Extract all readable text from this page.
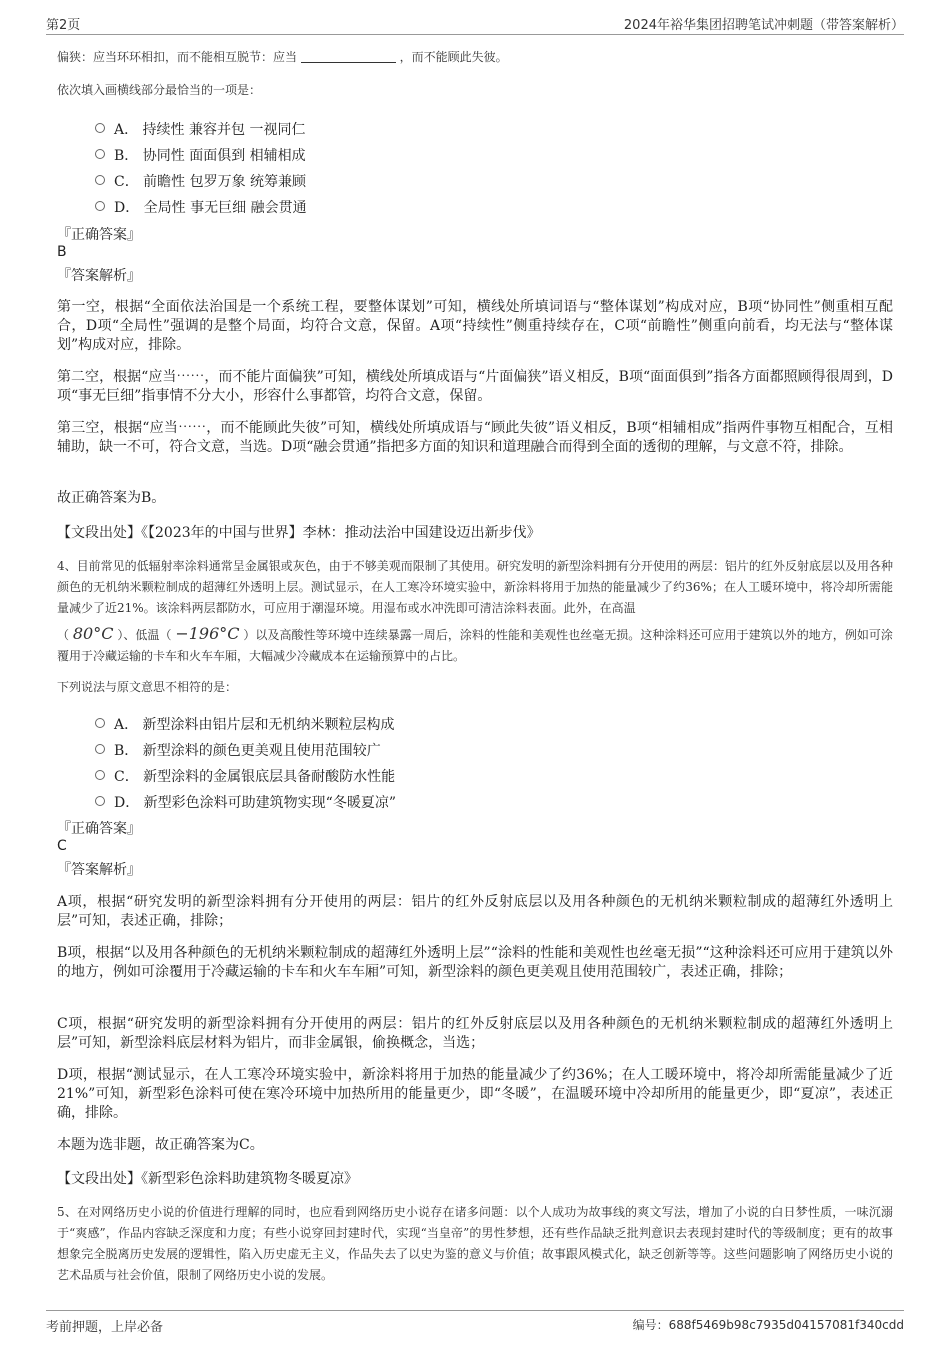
第2页	2024年裕华集团招聘笔试冲刺题（带答案解析）
偏狭：应当环环相扣，而不能相互脱节：应当	，而不能顾此失彼。
依次填入画横线部分最恰当的一项是：
A． 持续性 兼容并包 一视同仁
B． 协同性 面面俱到 相辅相成
C． 前瞻性 包罗万象 统筹兼顾
D． 全局性 事无巨细 融会贯通
『正确答案』
B
『答案解析』
第一空，根据“全面依法治国是一个系统工程，要整体谋划”可知，横线处所填词语与“整体谋划”构成对应，B项“协同性”侧重相互配合，D项“全局性”强调的是整个局面，均符合文意，保留。A项“持续性”侧重持续存在，C项“前瞻性”侧重向前看，均无法与“整体谋划”构成对应，排除。
第二空，根据“应当⋯⋯，而不能片面偏狭”可知，横线处所填成语与“片面偏狭”语义相反，B项“面面俱到”指各方面都照顾得很周到，D项“事无巨细”指事情不分大小，形容什么事都管，均符合文意，保留。
第三空，根据“应当⋯⋯，而不能顾此失彼”可知，横线处所填成语与“顾此失彼”语义相反，B项“相辅相成”指两件事物互相配合，互相辅助，缺一不可，符合文意，当选。D项“融会贯通”指把多方面的知识和道理融合而得到全面的透彻的理解，与文意不符，排除。
故正确答案为B。
【文段出处】《【2023年的中国与世界】李林：推动法治中国建设迈出新步伐》
4、目前常见的低辐射率涂料通常呈金属银或灰色，由于不够美观而限制了其使用。研究发明的新型涂料拥有分开使用的两层：铝片的红外反射底层以及用各种颜色的无机纳米颗粒制成的超薄红外透明上层。测试显示，在人工寒冷环境实验中，新涂料将用于加热的能量减少了约36%；在人工暖环境中，将冷却所需能量减少了近21%。该涂料两层都防水，可应用于潮湿环境。用湿布或水冲洗即可清洁涂料表面。此外，在高温
（ 80°C ）、低温（ −196°C ）以及高酸性等环境中连续暴露一周后，涂料的性能和美观性也丝毫无损。这种涂料还可应用于建筑以外的地方，例如可涂覆用于冷藏运输的卡车和火车车厢，大幅减少冷藏成本在运输预算中的占比。
下列说法与原文意思不相符的是：
A． 新型涂料由铝片层和无机纳米颗粒层构成
B． 新型涂料的颜色更美观且使用范围较广
C． 新型涂料的金属银底层具备耐酸防水性能
D． 新型彩色涂料可助建筑物实现“冬暖夏凉”
『正确答案』
C
『答案解析』
A项，根据“研究发明的新型涂料拥有分开使用的两层：铝片的红外反射底层以及用各种颜色的无机纳米颗粒制成的超薄红外透明上层”可知，表述正确，排除；
B项，根据“以及用各种颜色的无机纳米颗粒制成的超薄红外透明上层”“涂料的性能和美观性也丝毫无损”“这种涂料还可应用于建筑以外的地方，例如可涂覆用于冷藏运输的卡车和火车车厢”可知，新型涂料的颜色更美观且使用范围较广，表述正确，排除；
C项，根据“研究发明的新型涂料拥有分开使用的两层：铝片的红外反射底层以及用各种颜色的无机纳米颗粒制成的超薄红外透明上层”可知，新型涂料底层材料为铝片，而非金属银，偷换概念，当选；
D项，根据“测试显示，在人工寒冷环境实验中，新涂料将用于加热的能量减少了约36%；在人工暖环境中，将冷却所需能量减少了近21%”可知，新型彩色涂料可使在寒冷环境中加热所用的能量更少，即“冬暖”，在温暖环境中冷却所用的能量更少，即“夏凉”，表述正确，排除。
本题为选非题，故正确答案为C。
【文段出处】《新型彩色涂料助建筑物冬暖夏凉》
5、在对网络历史小说的价值进行理解的同时，也应看到网络历史小说存在诸多问题：以个人成功为故事线的爽文写法，增加了小说的白日梦性质，一味沉溺于“爽感”，作品内容缺乏深度和力度；有些小说穿回封建时代，实现“当皇帝”的男性梦想，还有些作品缺乏批判意识去表现封建时代的等级制度；更有的故事想象完全脱离历史发展的逻辑性，陷入历史虚无主义，作品失去了以史为鉴的意义与价值；故事跟风模式化，缺乏创新等等。这些问题影响了网络历史小说的艺术品质与社会价值，限制了网络历史小说的发展。
考前押题，上岸必备	编号：688f5469b98c7935d04157081f340cdd
